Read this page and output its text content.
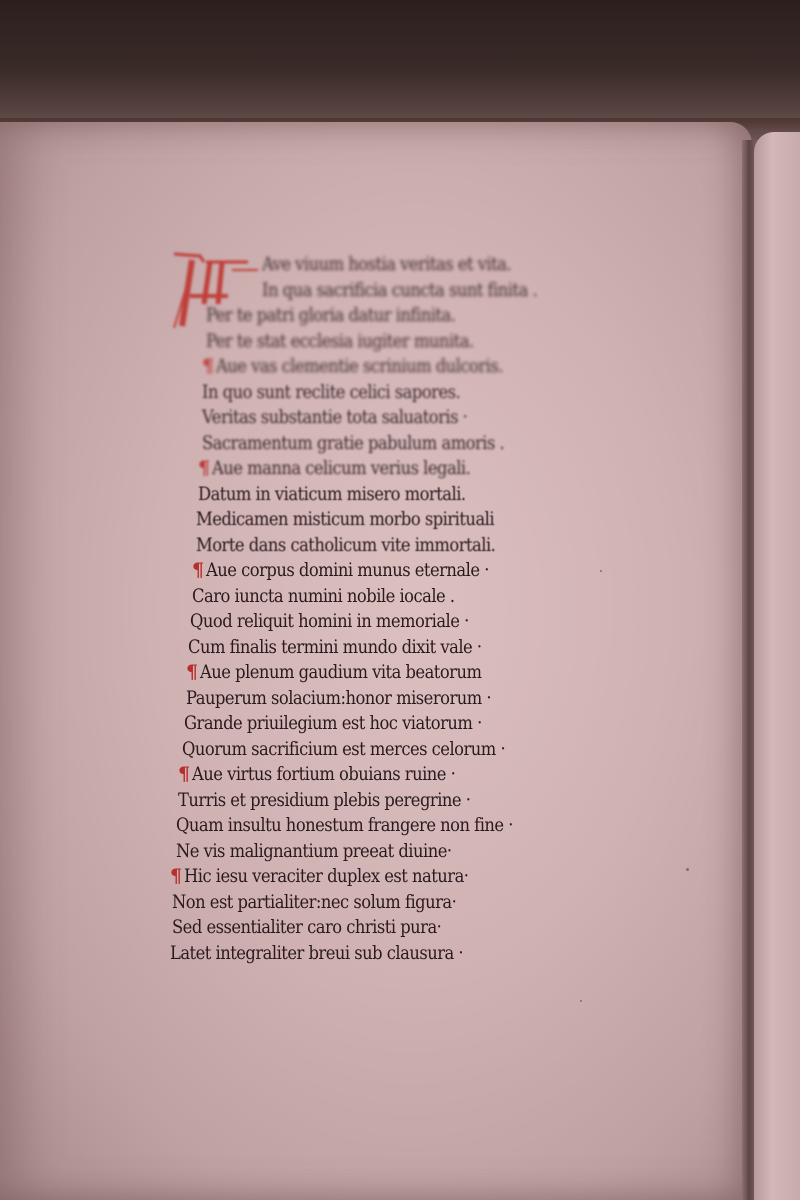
Ave viuum hostia veritas et vita.
In qua sacrificia cuncta sunt finita .
Per te patri gloria datur infinita.
Per te stat ecclesia iugiter munita.
¶ Aue vas clementie scrinium dulcoris.
In quo sunt reclite celici sapores.
Veritas substantie tota saluatoris ·
Sacramentum gratie pabulum amoris .
¶ Aue manna celicum verius legali.
Datum in viaticum misero mortali.
Medicamen misticum morbo spirituali
Morte dans catholicum vite immortali.
¶ Aue corpus domini munus eternale ·
Caro iuncta numini nobile iocale .
Quod reliquit homini in memoriale ·
Cum finalis termini mundo dixit vale ·
¶ Aue plenum gaudium vita beatorum
Pauperum solacium:honor miserorum ·
Grande priuilegium est hoc viatorum ·
Quorum sacrificium est merces celorum ·
¶ Aue virtus fortium obuians ruine ·
Turris et presidium plebis peregrine ·
Quam insultu honestum frangere non fine ·
Ne vis malignantium preeat diuine·
¶ Hic iesu veraciter duplex est natura·
Non est partialiter:nec solum figura·
Sed essentialiter caro christi pura·
Latet integraliter breui sub clausura ·
